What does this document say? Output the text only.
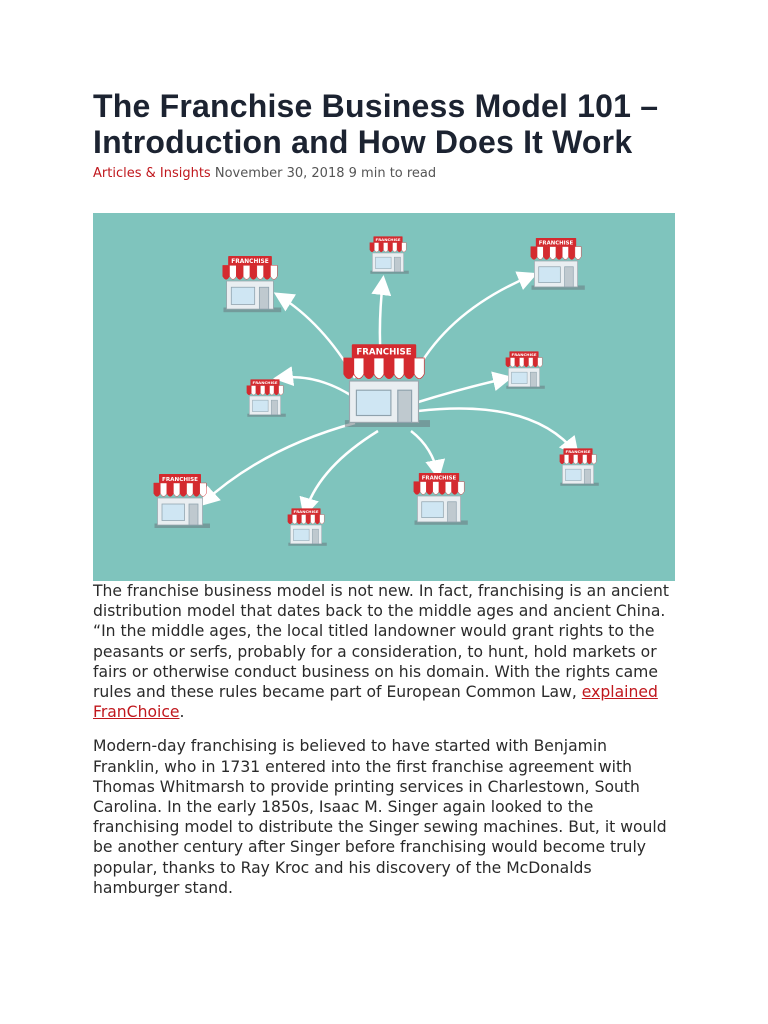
The Franchise Business Model 101 – Introduction and How Does It Work
Articles & Insights November 30, 2018 9 min to read
FRANCHISE
FRANCHISE
FRANCHISE
FRANCHISE
FRANCHISE
FRANCHISE
FRANCHISE
FRANCHISE
FRANCHISE
FRANCHISE

The franchise business model is not new. In fact, franchising is an ancient distribution model that dates back to the middle ages and ancient China. “In the middle ages, the local titled landowner would grant rights to the peasants or serfs, probably for a consideration, to hunt, hold markets or fairs or otherwise conduct business on his domain. With the rights came rules and these rules became part of European Common Law, explained FranChoice.

Modern-day franchising is believed to have started with Benjamin Franklin, who in 1731 entered into the first franchise agreement with Thomas Whitmarsh to provide printing services in Charlestown, South Carolina. In the early 1850s, Isaac M. Singer again looked to the franchising model to distribute the Singer sewing machines. But, it would be another century after Singer before franchising would become truly popular, thanks to Ray Kroc and his discovery of the McDonalds hamburger stand.
